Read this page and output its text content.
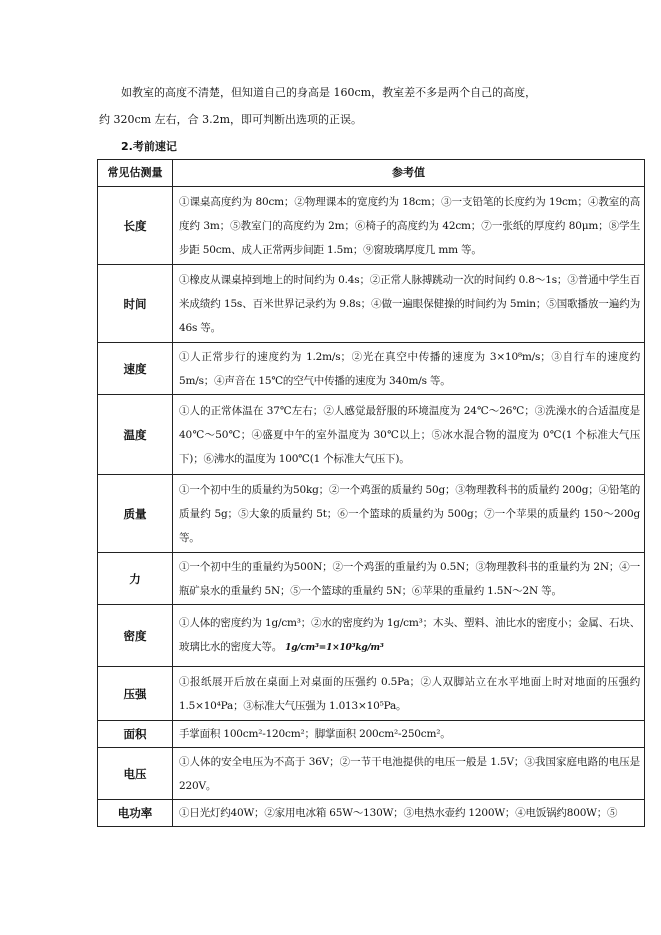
如教室的高度不清楚，但知道自己的身高是 160cm，教室差不多是两个自己的高度，
约 320cm 左右，合 3.2m，即可判断出选项的正误。
2.考前速记
常见估测量	参考值
长度	①课桌高度约为 80cm；②物理课本的宽度约为 18cm；③一支铅笔的长度约为 19cm；④教室的高度约 3m；⑤教室门的高度约为 2m；⑥椅子的高度约为 42cm；⑦一张纸的厚度约 80μm；⑧学生步距 50cm、成人正常两步间距 1.5m；⑨窗玻璃厚度几 mm 等。
时间	①橡皮从课桌掉到地上的时间约为 0.4s；②正常人脉搏跳动一次的时间约 0.8～1s；③普通中学生百米成绩约 15s、百米世界记录约为 9.8s；④做一遍眼保健操的时间约为 5min；⑤国歌播放一遍约为 46s 等。
速度	①人正常步行的速度约为 1.2m/s；②光在真空中传播的速度为 3×10⁸m/s；③自行车的速度约 5m/s；④声音在 15℃的空气中传播的速度为 340m/s 等。
温度	①人的正常体温在 37℃左右；②人感觉最舒服的环境温度为 24℃～26℃；③洗澡水的合适温度是 40℃～50℃；④盛夏中午的室外温度为 30℃以上；⑤冰水混合物的温度为 0℃(1 个标准大气压下)；⑥沸水的温度为 100℃(1 个标准大气压下)。
质量	①一个初中生的质量约为50kg；②一个鸡蛋的质量约 50g；③物理教科书的质量约 200g；④铅笔的质量约 5g；⑤大象的质量约 5t；⑥一个篮球的质量约为 500g；⑦一个苹果的质量约 150～200g 等。
力	①一个初中生的重量约为500N；②一个鸡蛋的重量约为 0.5N；③物理教科书的重量约为 2N；④一瓶矿泉水的重量约 5N；⑤一个篮球的重量约 5N；⑥苹果的重量约 1.5N～2N 等。
密度	①人体的密度约为 1g/cm³；②水的密度约为 1g/cm³；木头、塑料、油比水的密度小；金属、石块、玻璃比水的密度大等。 1g/cm³=1×10³kg/m³
压强	①报纸展开后放在桌面上对桌面的压强约 0.5Pa；②人双脚站立在水平地面上时对地面的压强约 1.5×10⁴Pa；③标准大气压强为 1.013×10⁵Pa。
面积	手掌面积 100cm²-120cm²；脚掌面积 200cm²-250cm²。
电压	①人体的安全电压为不高于 36V；②一节干电池提供的电压一般是 1.5V；③我国家庭电路的电压是 220V。
电功率	①日光灯约40W；②家用电冰箱 65W～130W；③电热水壶约 1200W；④电饭锅约800W；⑤
